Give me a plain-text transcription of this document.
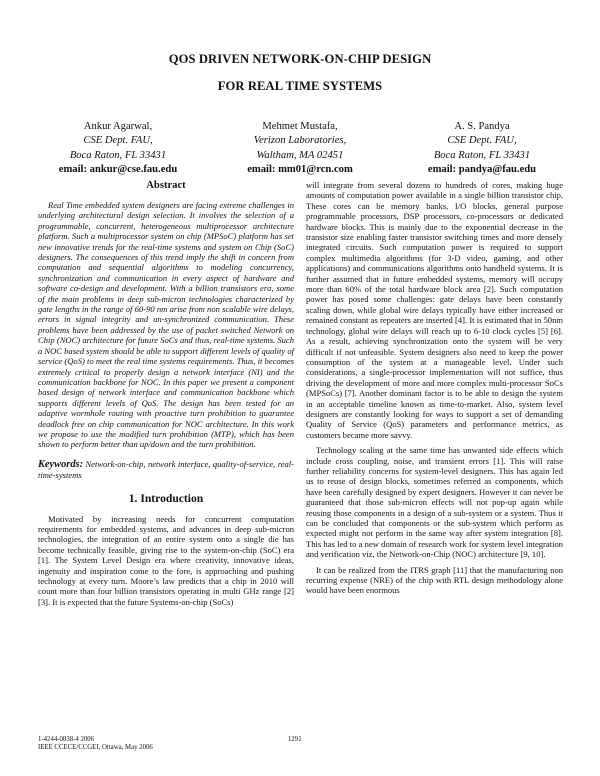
QOS DRIVEN NETWORK-ON-CHIP DESIGN
FOR REAL TIME SYSTEMS
Ankur Agarwal,
CSE Dept. FAU,
Boca Raton, FL 33431
email: ankur@cse.fau.edu
Mehmet Mustafa,
Verizon Laboratories,
Waltham, MA 02451
email: mm01@rcn.com
A. S. Pandya
CSE Dept. FAU,
Boca Raton, FL 33431
email: pandya@fau.edu

Abstract

Real Time embedded system designers are facing extreme challenges in underlying architectural design selection. It involves the selection of a programmable, concurrent, heterogeneous multiprocessor architecture platform. Such a multiprocessor system on chip (MPSoC) platform has set new innovative trends for the real-time systems and system on Chip (SoC) designers. The consequences of this trend imply the shift in concern from computation and sequential algorithms to modeling concurrency, synchronization and communication in every aspect of hardware and software co-design and development. With a billion transistors era, some of the main problems in deep sub-micron technologies characterized by gate lengths in the range of 60-90 nm arise from non scalable wire delays, errors in signal integrity and un-synchronized communication. These problems have been addressed by the use of packet switched Network on Chip (NOC) architecture for future SoCs and thus, real-time systems. Such a NOC based system should be able to support different levels of quality of service (QoS) to meet the real time systems requirements. Thus, it becomes extremely critical to properly design a network interface (NI) and the communication backbone for NOC. In this paper we present a component based design of network interface and communication backbone which supports different levels of QoS. The design has been tested for an adaptive wormhole routing with proactive turn prohibition to guarantee deadlock free on chip communication for NOC architecture. In this work we propose to use the modified turn prohibition (MTP), which has been shown to perform better than up/down and the turn prohibition.

Keywords: Network-on-chip, network interface, quality-of-service, real-time-systems

1. Introduction

Motivated by increasing needs for concurrent computation requirements for embedded systems, and advances in deep sub-micron technologies, the integration of an entire system onto a single die has become technically feasible, giving rise to the system-on-chip (SoC) era [1]. The System Level Design era where creativity, innovative ideas, ingenuity and inspiration come to the fore, is approaching and pushing technology at every turn. Moore’s law predicts that a chip in 2010 will count more than four billion transistors operating in multi GHz range [2] [3]. It is expected that the future Systems-on-chip (SoCs)

will integrate from several dozens to hundreds of cores, making huge amounts of computation power available in a single billion transistor chip. These cores can be memory banks, I/O blocks, general purpose programmable processors, DSP processors, co-processors or dedicated hardware blocks. This is mainly due to the exponential decrease in the transistor size enabling faster transistor switching times and more densely integrated circuits. Such computation power is required to support complex multimedia algorithms (for 3-D video, gaming, and other applications) and communications algorithms onto handheld systems. It is further assumed that in future embedded systems, memory will occupy more than 60% of the total hardware block area [2]. Such computation power has posed some challenges: gate delays have been constantly scaling down, while global wire delays typically have either increased or remained constant as repeaters are inserted [4]. It is estimated that in 50nm technology, global wire delays will reach up to 6-10 clock cycles [5] [6]. As a result, achieving synchronization onto the system will be very difficult if not unfeasible. System designers also need to keep the power consumption of the system at a manageable level. Under such considerations, a single-processor implementation will not suffice, thus driving the development of more and more complex multi-processor SoCs (MPSoCs) [7]. Another dominant factor is to be able to design the system in an acceptable timeline known as time-to-market. Also, system level designers are constantly looking for ways to support a set of demanding Quality of Service (QoS) parameters and performance metrics, as customers became more savvy.

Technology scaling at the same time has unwanted side effects which include cross coupling, noise, and transient errors [1]. This will raise further reliability concerns for system-level designers. This has again led us to reuse of design blocks, sometimes referred as components, which have been carefully designed by expert designers. However it can never be guaranteed that those sub-micron effects will not pop-up again while reusing those components in a design of a sub-system or a system. Thus it can be concluded that components or the sub-system which perform as expected might not perform in the same way after system integration [8]. This has led to a new domain of research work for system level integration and verification viz, the Network-on-Chip (NOC) architecture [9, 10].

It can be realized from the ITRS graph [11] that the manufacturing non recurring expense (NRE) of the chip with RTL design methodology alone would have been enormous

1-4244-0038-4 2006
IEEE CCECE/CCGEI, Ottawa, May 2006
1291
